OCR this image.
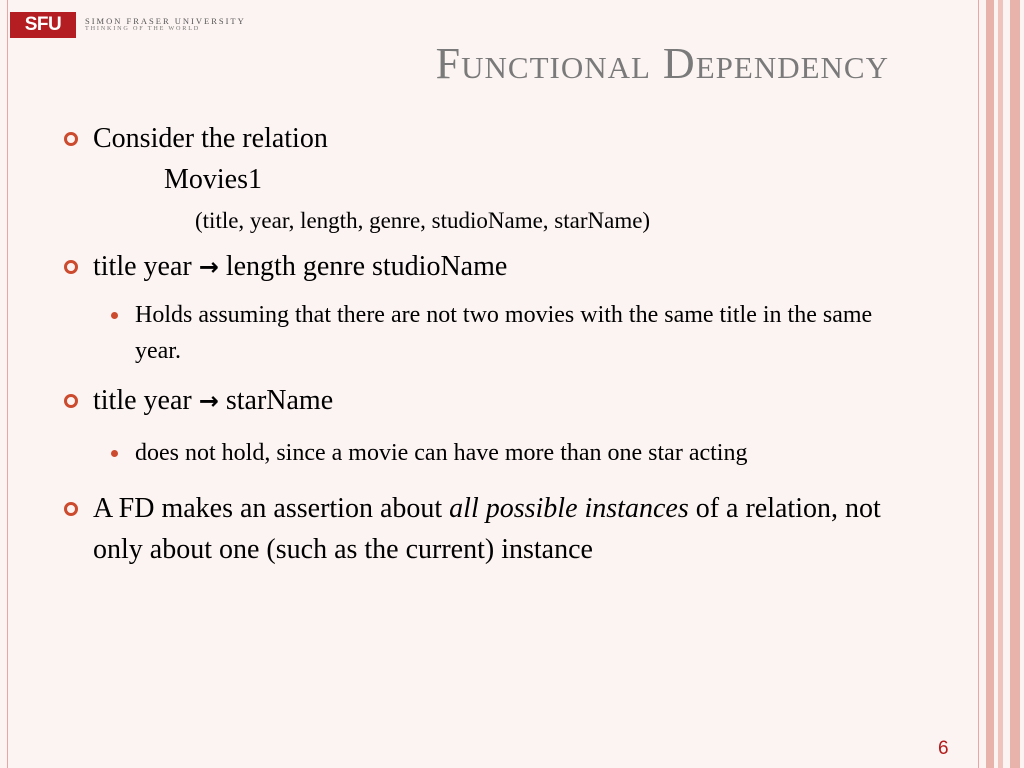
SFU	SIMON FRASER UNIVERSITY
THINKING OF THE WORLD
Functional Dependency
Consider the relation
Movies1
(title, year, length, genre, studioName, starName)
title year → length genre studioName
Holds assuming that there are not two movies with the same title in the same year.
title year → starName
does not hold, since a movie can have more than one star acting
A FD makes an assertion about all possible instances of a relation, not only about one (such as the current) instance
6
